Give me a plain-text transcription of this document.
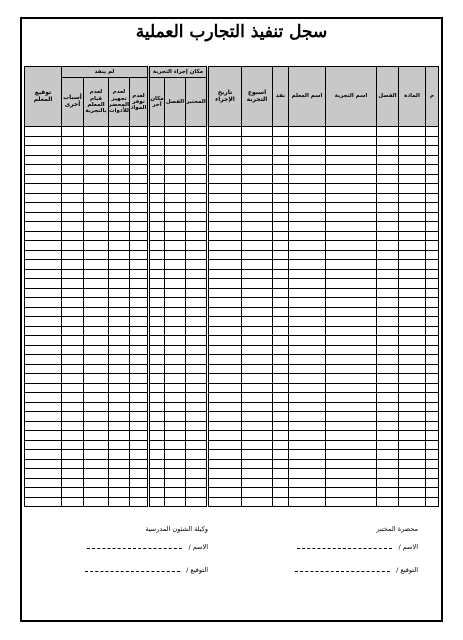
سجل تنفيذ التجارب العملية
م	المادة	الفصل	اسم التجربة	اسم المعلم	نفذ	اسبوع التجربة	تاريخ الإجراء	مكان إجراء التجربة			لم ينفذ				توقيع المعلم
								المختبر	الفصل	مكان آخر	لعدم توفر المواد	لعدم تجهيز المحضر للأدوات	لعدم قيام المعلم بالتجربة	أسباب أخرى	

محضرة المختبر
الاسم /
التوقيع /
وكيلة الشئون المدرسية
الاسم /
التوقيع /
